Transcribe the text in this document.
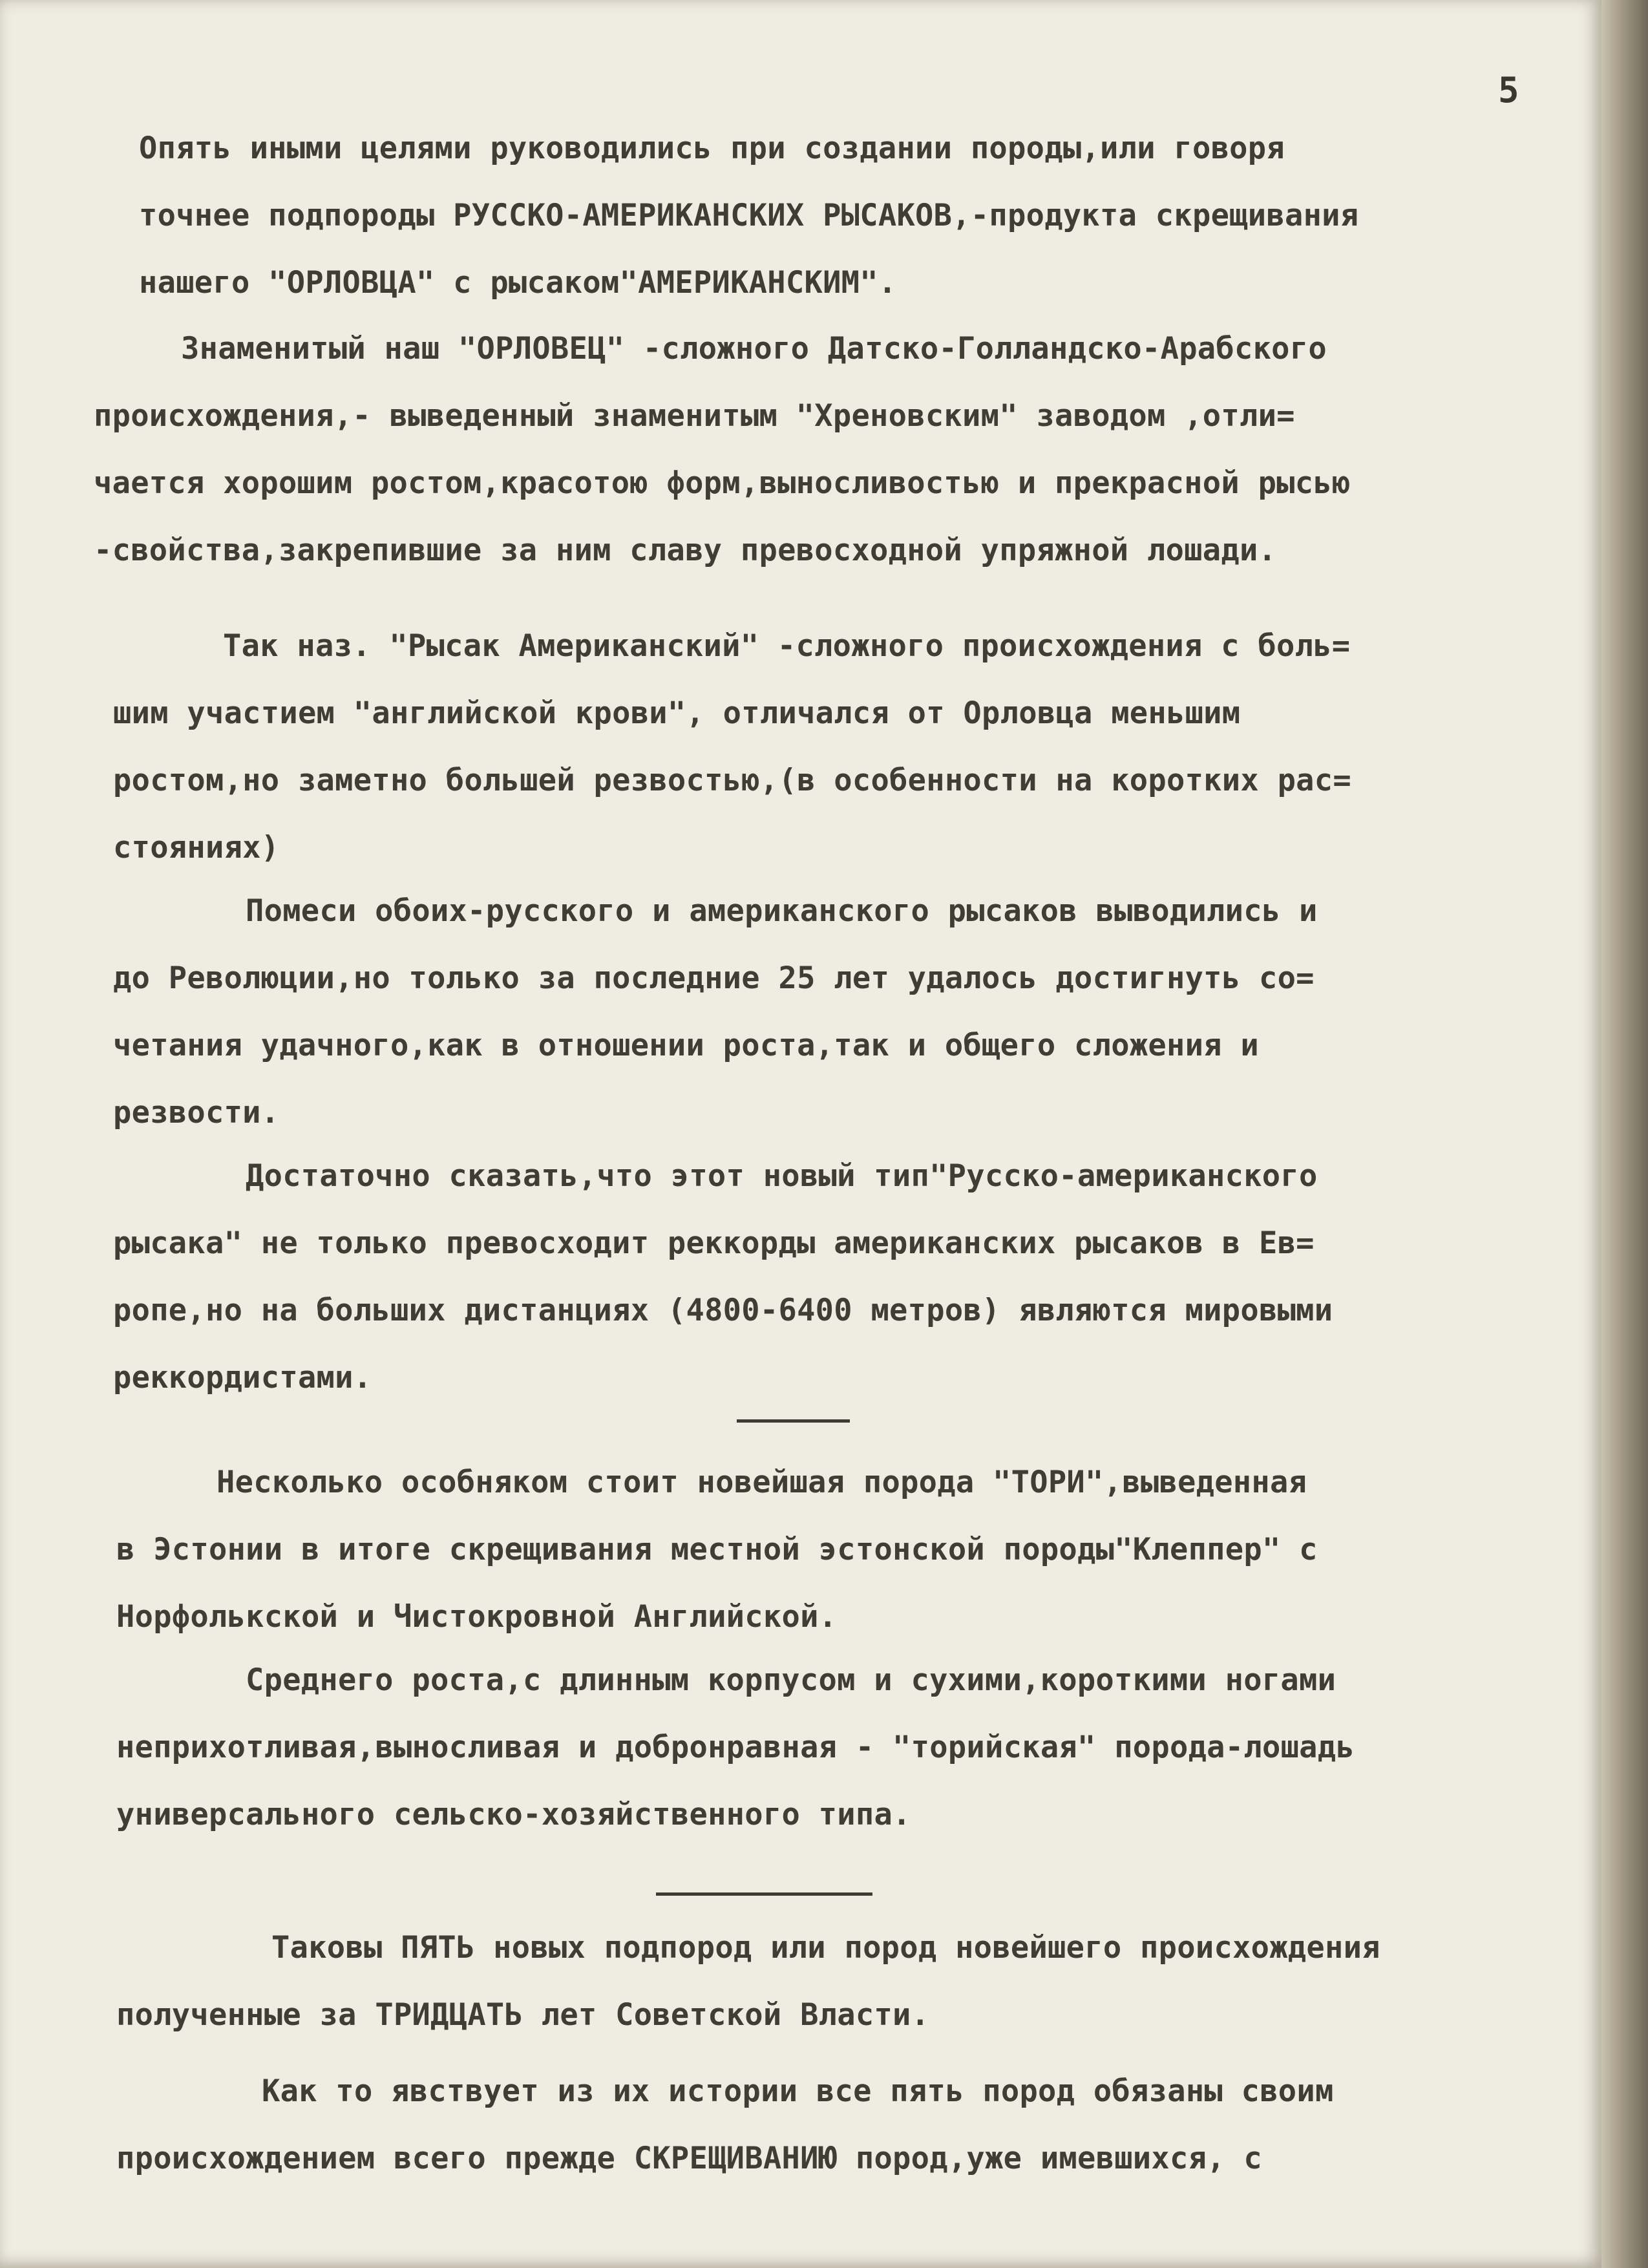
5

Опять иными целями руководились при создании породы,или говоря
точнее подпороды РУССКО-АМЕРИКАНСКИХ РЫСАКОВ,-продукта скрещивания
нашего "ОРЛОВЦА" с рысаком"АМЕРИКАНСКИМ".

Знаменитый наш "ОРЛОВЕЦ" -сложного Датско-Голландско-Арабского
происхождения,- выведенный знаменитым "Хреновским" заводом ,отли=
чается хорошим ростом,красотою форм,выносливостью и прекрасной рысью
-свойства,закрепившие за ним славу превосходной упряжной лошади.

Так наз. "Рысак Американский" -сложного происхождения с боль=
шим участием "английской крови", отличался от Орловца меньшим
ростом,но заметно большей резвостью,(в особенности на коротких рас=
стояниях)

Помеси обоих-русского и американского рысаков выводились и
до Революции,но только за последние 25 лет удалось достигнуть со=
четания удачного,как в отношении роста,так и общего сложения и
резвости.

Достаточно сказать,что этот новый тип"Русско-американского
рысака" не только превосходит реккорды американских рысаков в Ев=
ропе,но на больших дистанциях (4800-6400 метров) являются мировыми
реккордистами.

Несколько особняком стоит новейшая порода "ТОРИ",выведенная
в Эстонии в итоге скрещивания местной эстонской породы"Клеппер" с
Норфолькской и Чистокровной Английской.

Среднего роста,с длинным корпусом и сухими,короткими ногами
неприхотливая,выносливая и добронравная - "торийская" порода-лошадь
универсального сельско-хозяйственного типа.

Таковы ПЯТЬ новых подпород или пород новейшего происхождения
полученные за ТРИДЦАТЬ лет Советской Власти.

Как то явствует из их истории все пять пород обязаны своим
происхождением всего прежде СКРЕЩИВАНИЮ пород,уже имевшихся, с
